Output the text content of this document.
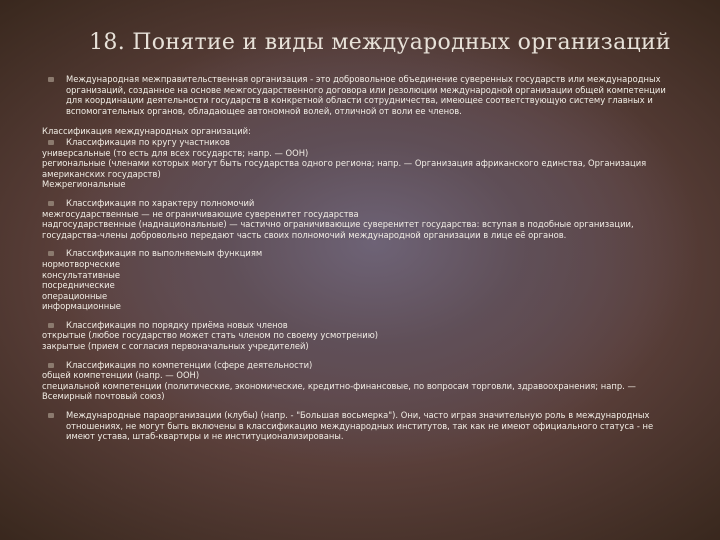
18. Понятие и виды междуародных организаций
Международная межправительственная организация - это добровольное объединение суверенных государств или международных организаций, созданное на основе межгосударственного договора или резолюции международной организации общей компетенции для координации деятельности государств в конкретной области сотрудничества, имеющее соответствующую систему главных и вспомогательных органов, обладающее автономной волей, отличной от воли ее членов.
Классификация международных организаций:
Классификация по кругу участников
универсальные (то есть для всех государств; напр. — ООН)
региональные (членами которых могут быть государства одного региона; напр. — Организация африканского единства, Организация американских государств)
Межрегиональные
Классификация по характеру полномочий
межгосударственные — не ограничивающие суверенитет государства
надгосударственные (наднациональные) — частично ограничивающие суверенитет государства: вступая в подобные организации, государства-члены добровольно передают часть своих полномочий международной организации в лице её органов.
Классификация по выполняемым функциям
нормотворческие
консультативные
посреднические
операционные
информационные
Классификация по порядку приёма новых членов
открытые (любое государство может стать членом по своему усмотрению)
закрытые (прием с согласия первоначальных учредителей)
Классификация по компетенции (сфере деятельности)
общей компетенции (напр. — ООН)
специальной компетенции (политические, экономические, кредитно-финансовые, по вопросам торговли, здравоохранения; напр. — Всемирный почтовый союз)
Международные параорганизации (клубы) (напр. - "Большая восьмерка"). Они, часто играя значительную роль в международных отношениях, не могут быть включены в классификацию международных институтов, так как не имеют официального статуса - не имеют устава, штаб-квартиры и не институционализированы.
